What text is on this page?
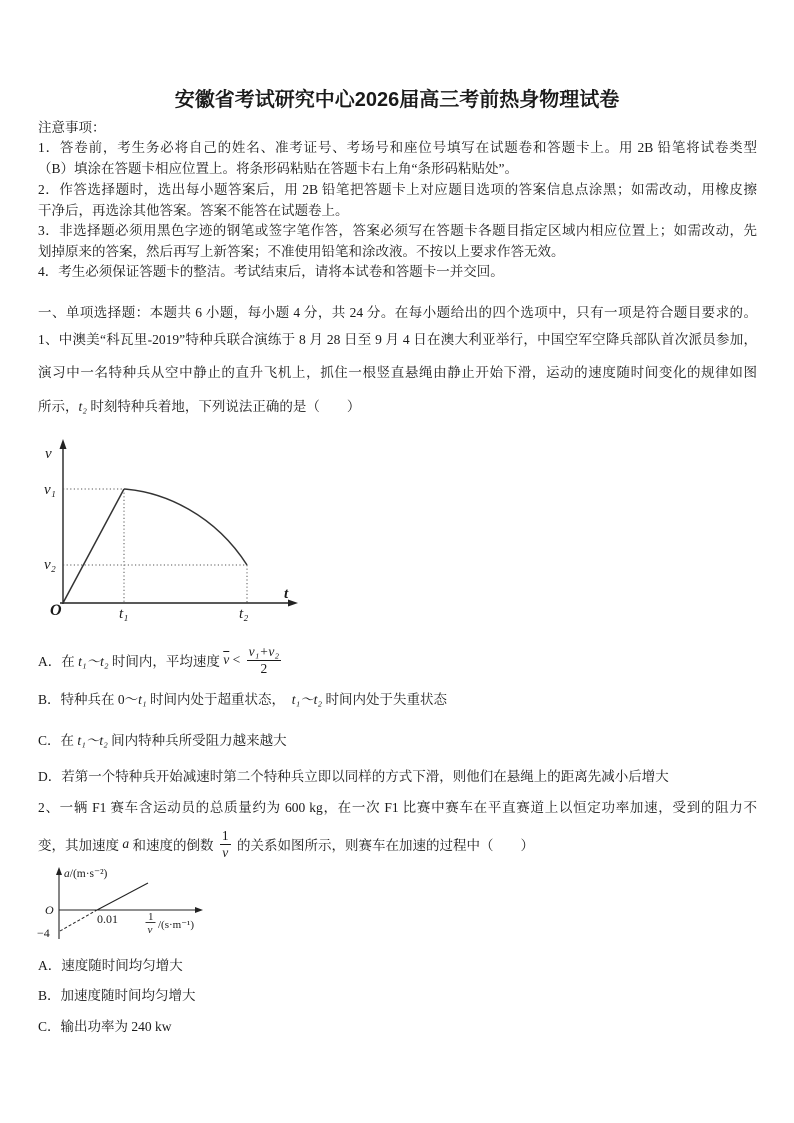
安徽省考试研究中心2026届高三考前热身物理试卷
注意事项：
1．答卷前，考生务必将自己的姓名、准考证号、考场号和座位号填写在试题卷和答题卡上。用 2B 铅笔将试卷类型
（B）填涂在答题卡相应位置上。将条形码粘贴在答题卡右上角“条形码粘贴处”。
2．作答选择题时，选出每小题答案后，用 2B 铅笔把答题卡上对应题目选项的答案信息点涂黑；如需改动，用橡皮擦
干净后，再选涂其他答案。答案不能答在试题卷上。
3．非选择题必须用黑色字迹的钢笔或签字笔作答，答案必须写在答题卡各题目指定区域内相应位置上；如需改动，先
划掉原来的答案，然后再写上新答案；不准使用铅笔和涂改液。不按以上要求作答无效。
4．考生必须保证答题卡的整洁。考试结束后，请将本试卷和答题卡一并交回。
一、单项选择题：本题共 6 小题，每小题 4 分，共 24 分。在每小题给出的四个选项中，只有一项是符合题目要求的。
1、中澳美“科瓦里-2019”特种兵联合演练于 8 月 28 日至 9 月 4 日在澳大利亚举行，中国空军空降兵部队首次派员参加，
演习中一名特种兵从空中静止的直升飞机上，抓住一根竖直悬绳由静止开始下滑，运动的速度随时间变化的规律如图
所示，t₂ 时刻特种兵着地，下列说法正确的是（　　）
v
v₁
v₂
O	t₁	t₂
t
A．在 t₁～t₂ 时间内，平均速度 $\overline{v} < \frac{\text{v₁+v₂}}{2}$
B．特种兵在 0～t₁ 时间内处于超重状态，  t₁～t₂ 时间内处于失重状态
C．在 t₁～t₂ 间内特种兵所受阻力越来越大
D．若第一个特种兵开始减速时第二个特种兵立即以同样的方式下滑，则他们在悬绳上的距离先减小后增大
2、一辆 F1 赛车含运动员的总质量约为 600 kg，在一次 F1 比赛中赛车在平直赛道上以恒定功率加速，受到的阻力不
变，其加速度 a 和速度的倒数 $\frac{1}{v}$ 的关系如图所示，则赛车在加速的过程中（　　）
a/(m·s⁻²)
O
0.01
−4
1
v /(s·m⁻¹)
A．速度随时间均匀增大
B．加速度随时间均匀增大
C．输出功率为 240 kw
